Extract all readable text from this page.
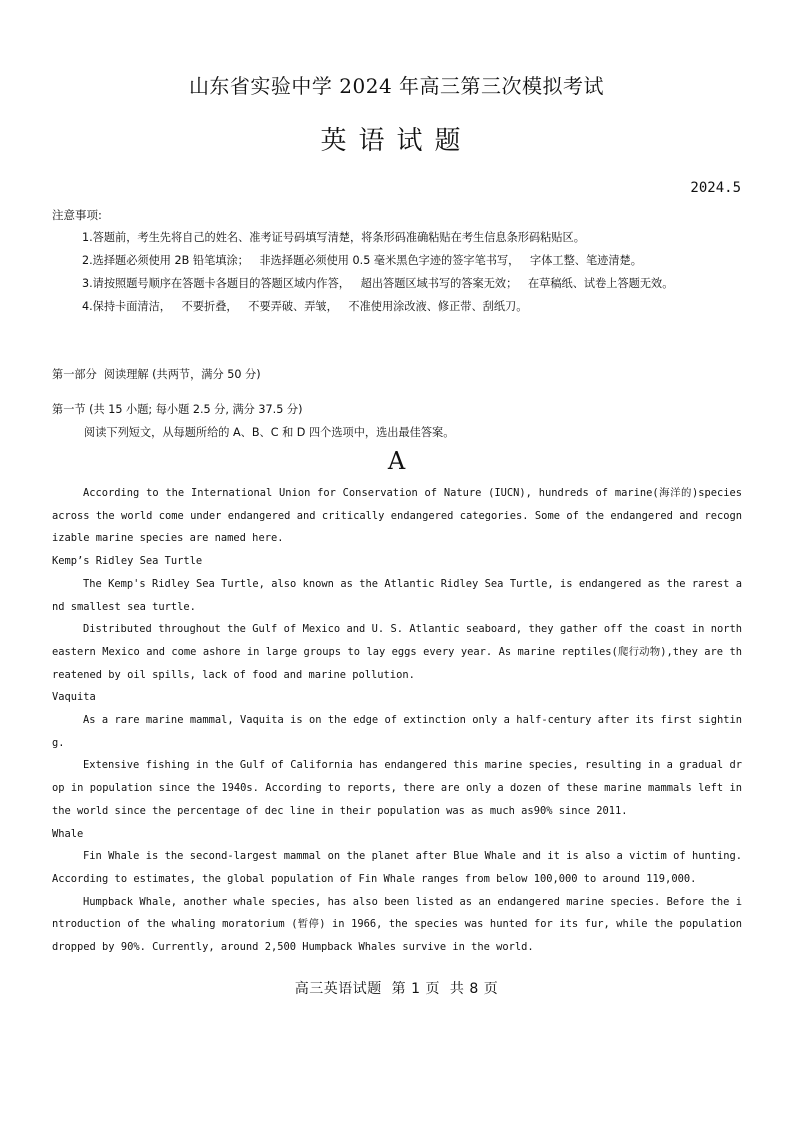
山东省实验中学 2024 年高三第三次模拟考试
英语试题
2024.5
注意事项:
1.答题前，考生先将自己的姓名、准考证号码填写清楚，将条形码准确粘贴在考生信息条形码粘贴区。
2.选择题必须使用 2B 铅笔填涂；   非选择题必须使用 0.5 毫米黑色字迹的签字笔书写，   字体工整、笔迹清楚。
3.请按照题号顺序在答题卡各题目的答题区域内作答，   超出答题区域书写的答案无效；   在草稿纸、试卷上答题无效。
4.保持卡面清洁，   不要折叠，   不要弄破、弄皱，   不准使用涂改液、修正带、刮纸刀。
第一部分  阅读理解 (共两节，满分 50 分)
第一节 (共 15 小题; 每小题 2.5 分, 满分 37.5 分)
阅读下列短文，从每题所给的 A、B、C 和 D 四个选项中，选出最佳答案。
A

According to the International Union for Conservation of Nature (IUCN), hundreds of marine(海洋的)species across the world come under endangered and critically endangered categories. Some of the endangered and recognizable marine species are named here.

Kemp’s Ridley Sea Turtle

The Kemp's Ridley Sea Turtle, also known as the Atlantic Ridley Sea Turtle, is endangered as the rarest and smallest sea turtle.

Distributed throughout the Gulf of Mexico and U. S. Atlantic seaboard, they gather off the coast in northeastern Mexico and come ashore in large groups to lay eggs every year. As marine reptiles(爬行动物),they are threatened by oil spills, lack of food and marine pollution.

Vaquita

As a rare marine mammal, Vaquita is on the edge of extinction only a half-century after its first sighting.

Extensive fishing in the Gulf of California has endangered this marine species, resulting in a gradual drop in population since the 1940s. According to reports, there are only a dozen of these marine mammals left in the world since the percentage of dec line in their population was as much as90% since 2011.

Whale

Fin Whale is the second-largest mammal on the planet after Blue Whale and it is also a victim of hunting.According to estimates, the global population of Fin Whale ranges from below 100,000 to around 119,000.

Humpback Whale, another whale species, has also been listed as an endangered marine species. Before the introduction of the whaling moratorium (暂停) in 1966, the species was hunted for its fur, while the population dropped by 90%. Currently, around 2,500 Humpback Whales survive in the world.

高三英语试题  第 1 页  共 8 页
